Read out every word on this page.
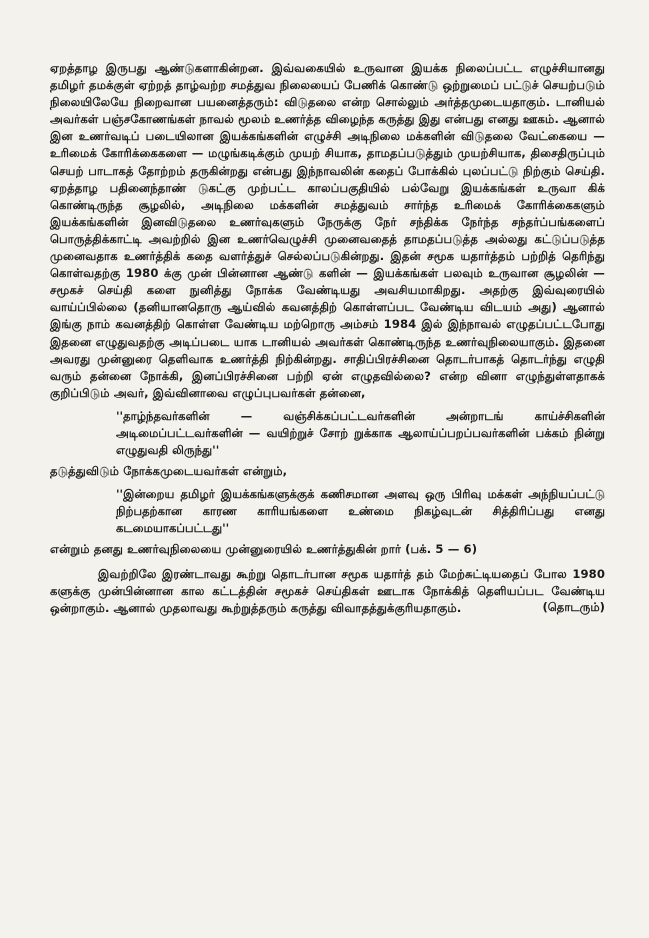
ஏறத்தாழ இருபது ஆண்டுகளாகின்றன. இவ்வகையில் உருவான இயக்க நிலைப்பட்ட எழுச்சியானது தமிழர் தமக்குள் ஏற்றத் தாழ்வற்ற சமத்துவ நிலையைப் பேணிக் கொண்டு ஒற்றுமைப் பட்டுச் செயற்படும் நிலையிலேயே நிறைவான பயனைத்தரும்: விடுதலை என்ற சொல்லும் அர்த்தமுடையதாகும். டானியல் அவர்கள் பஞ்சகோணங்கள் நாவல் மூலம் உணர்த்த விழைந்த கருத்து இது என்பது எனது ஊகம். ஆனால் இன உணர்வடிப் படையிலான இயக்கங்களின் எழுச்சி அடிநிலை மக்களின் விடுதலை வேட்கையை — உரிமைக் கோரிக்கைகளை — மழுங்கடிக்கும் முயற் சியாக, தாமதப்படுத்தும் முயற்சியாக, திசைதிருப்பும் செயற் பாடாகத் தோற்றம் தருகின்றது என்பது இந்நாவலின் கதைப் போக்கில் புலப்பட்டு நிற்கும் செய்தி. ஏறத்தாழ பதினைந்தாண் டுகட்கு முற்பட்ட காலப்பகுதியில் பல்வேறு இயக்கங்கள் உருவா கிக் கொண்டிருந்த சூழலில், அடிநிலை மக்களின் சமத்துவம் சார்ந்த உரிமைக் கோரிக்கைகளும் இயக்கங்களின் இனவிடுதலை உணர்வுகளும் நேருக்கு நேர் சந்திக்க நேர்ந்த சந்தர்ப்பங்களைப் பொருத்திக்காட்டி அவற்றில் இன உணர்வெழுச்சி முனைவதைத் தாமதப்படுத்த அல்லது கட்டுப்படுத்த முனைவதாக உணர்த்திக் கதை வளர்த்துச் செல்லப்படுகின்றது. இதன் சமூக யதார்த்தம் பற்றித் தெரிந்து கொள்வதற்கு 1980 க்கு முன் பின்னான ஆண்டு களின் — இயக்கங்கள் பலவும் உருவான சூழலின் — சமூகச் செய்தி களை நுனித்து நோக்க வேண்டியது அவசியமாகிறது. அதற்கு இவ்வுரையில் வாய்ப்பில்லை (தனியானதொரு ஆய்வில் கவனத்திற் கொள்ளப்பட வேண்டிய விடயம் அது) ஆனால் இங்கு நாம் கவனத்திற் கொள்ள வேண்டிய மற்றொரு அம்சம் 1984 இல் இந்நாவல் எழுதப்பட்டபோது இதனை எழுதுவதற்கு அடிப்படை யாக டானியல் அவர்கள் கொண்டிருந்த உணர்வுநிலையாகும். இதனை அவரது முன்னுரை தெளிவாக உணர்த்தி நிற்கின்றது. சாதிப்பிரச்சினை தொடர்பாகத் தொடர்ந்து எழுதி வரும் தன்னை நோக்கி, இனப்பிரச்சினை பற்றி ஏன் எழுதவில்லை? என்ற வினா எழுந்துள்ளதாகக் குறிப்பிடும் அவர், இவ்வினாவை எழுப்புபவர்கள் தன்னை,

''தாழ்ந்தவர்களின் — வஞ்சிக்கப்பட்டவர்களின் அன்றாடங் காய்ச்சிகளின் அடிமைப்பட்டவர்களின் — வயிற்றுச் சோற் றுக்காக ஆலாய்ப்பறப்பவர்களின் பக்கம் நின்று எழுதுவதி லிருந்து''

தடுத்துவிடும் நோக்கமுடையவர்கள் என்றும்,

''இன்றைய தமிழர் இயக்கங்களுக்குக் கணிசமான அளவு ஒரு பிரிவு மக்கள் அந்நியப்பட்டு நிற்பதற்கான காரண காரியங்களை உண்மை நிகழ்வுடன் சித்திரிப்பது எனது கடமையாகப்பட்டது''

என்றும் தனது உணர்வுநிலையை முன்னுரையில் உணர்த்துகின் றார் (பக். 5 — 6)

இவற்றிலே இரண்டாவது கூற்று தொடர்பான சமூக யதார்த் தம் மேற்சுட்டியதைப் போல 1980 களுக்கு முன்பின்னான கால கட்டத்தின் சமூகச் செய்திகள் ஊடாக நோக்கித் தெளியப்பட வேண்டிய ஒன்றாகும். ஆனால் முதலாவது கூற்றுத்தரும் கருத்து விவாதத்துக்குரியதாகும்.	(தொடரும்)
